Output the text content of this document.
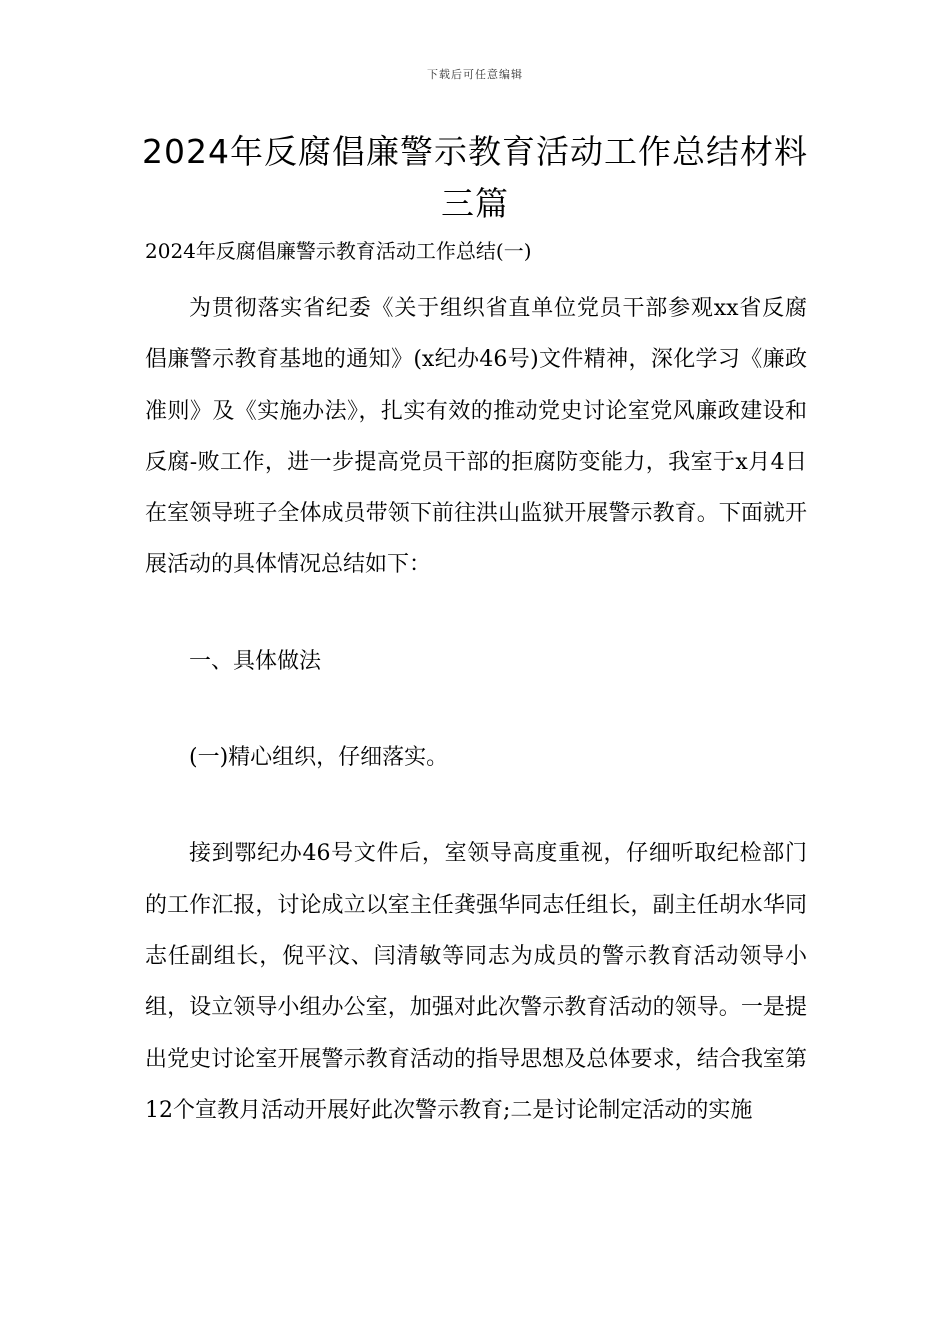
下载后可任意编辑
2024年反腐倡廉警示教育活动工作总结材料三篇
2024年反腐倡廉警示教育活动工作总结(一)

为贯彻落实省纪委《关于组织省直单位党员干部参观xx省反腐倡廉警示教育基地的通知》(x纪办46号)文件精神，深化学习《廉政准则》及《实施办法》，扎实有效的推动党史讨论室党风廉政建设和反腐-败工作，进一步提高党员干部的拒腐防变能力，我室于x月4日在室领导班子全体成员带领下前往洪山监狱开展警示教育。下面就开展活动的具体情况总结如下：

一、具体做法

(一)精心组织，仔细落实。

接到鄂纪办46号文件后，室领导高度重视，仔细听取纪检部门的工作汇报，讨论成立以室主任龚强华同志任组长，副主任胡水华同志任副组长，倪平汶、闫清敏等同志为成员的警示教育活动领导小组，设立领导小组办公室，加强对此次警示教育活动的领导。一是提出党史讨论室开展警示教育活动的指导思想及总体要求，结合我室第12个宣教月活动开展好此次警示教育;二是讨论制定活动的实施
